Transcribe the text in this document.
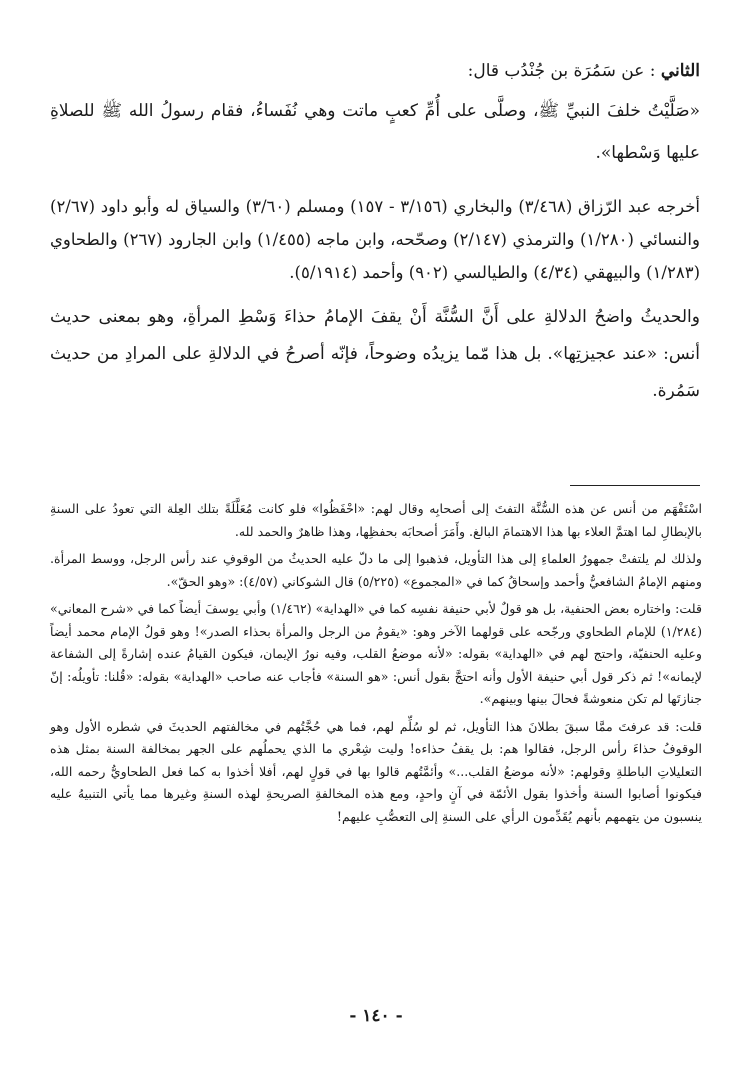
الثاني : عن سَمُرَة بن جُنْدُب قال:

«صَلَّيْتُ خلفَ النبيِّ ﷺ، وصلَّى على أُمِّ كعبٍ ماتت وهي نُفَساءُ، فقام رسولُ الله ﷺ للصلاةِ عليها وَسْطها».

أخرجه عبد الرّزاق (٣/٤٦٨) والبخاري (٣/١٥٦ - ١٥٧) ومسلم (٣/٦٠) والسياق له وأبو داود (٢/٦٧) والنسائي (١/٢٨٠) والترمذي (٢/١٤٧) وصحّحه، وابن ماجه (١/٤٥٥) وابن الجارود (٢٦٧) والطحاوي (١/٢٨٣) والبيهقي (٤/٣٤) والطيالسي (٩٠٢) وأحمد (٥/١٩١٤).

والحديثُ واضحُ الدلالةِ على أَنَّ السُّنَّة أَنْ يقفَ الإمامُ حذاءَ وَسْطِ المرأةِ، وهو بمعنى حديث أنس: «عند عجيزتِها». بل هذا مّما يزيدُه وضوحاً، فإنّه أصرحُ في الدلالةِ على المرادِ من حديث سَمُرة.

اسْتَفْهَم من أنس عن هذه السُّنَّة التفتَ إلى أصحابِه وقال لهم: «احْفَظُوا» فلو كانت مُعَلَّلَةً بتلك العِلة التي تعودُ على السنةِ بالإبطالِ لما اهتمَّ العلاء بها هذا الاهتمامَ البالغ. وأَمَرَ أصحابَه بحفظِها، وهذا ظاهرٌ والحمد لله.

ولذلك لم يلتفتْ جمهورُ العلماءِ إلى هذا التأويل، فذهبوا إلى ما دلّ عليه الحديثُ من الوقوفِ عند رأس الرجل، ووسط المرأة. ومنهم الإمامُ الشافعيُّ وأحمد وإسحاقُ كما في «المجموع» (٥/٢٢٥) قال الشوكاني (٤/٥٧): «وهو الحقّ».

قلت: واختاره بعض الحنفية، بل هو قولٌ لأبي حنيفة نفسِه كما في «الهداية» (١/٤٦٢) وأبي يوسفَ أيضاً كما في «شرح المعاني» (١/٢٨٤) للإمام الطحاوي ورجّحه على قولهما الآخر وهو: «يقومُ من الرجل والمرأة بحذاء الصدر»! وهو قولُ الإمام محمد أيضاً وعليه الحنفيّة، واحتج لهم في «الهداية» بقوله: «لأنه موضعُ القلب، وفيه نورُ الإيمان، فيكون القيامُ عنده إشارةً إلى الشفاعة لإيمانه»! ثم ذكر قول أبي حنيفة الأول وأنه احتجَّ بقول أنس: «هو السنة» فأجاب عنه صاحب «الهداية» بقوله: «قُلنا: تأويلُه: إنّ جنازتَها لم تكن منعوشةً فحالَ بينها وبينهم».

قلت: قد عرفتَ ممَّا سبقَ بطلانَ هذا التأويل، ثم لو سُلِّم لهم، فما هي حُجَّتُهم في مخالفتهم الحديثَ في شطره الأول وهو الوقوفُ حذاءَ رأس الرجل، فقالوا هم: بل يقفُ حذاءه! وليت شِعْري ما الذي يحملُهم على الجهر بمخالفة السنة بمثل هذه التعليلاتِ الباطلةِ وقولهم: «لأنه موضعُ القلب...» وأئمَّتُهم قالوا بها في قولٍ لهم، أفلا أخذوا به كما فعل الطحاويُّ رحمه الله، فيكونوا أصابوا السنة وأخذوا بقول الأئمّة في آنٍ واحدٍ، ومع هذه المخالفةِ الصريحةِ لهذه السنةِ وغيرها مما يأتي التنبيهُ عليه ينسبون من يتهمهم بأنهم يُقَدِّمون الرأي على السنةِ إلى التعصُّبِ عليهم!

- ١٤٠ -
